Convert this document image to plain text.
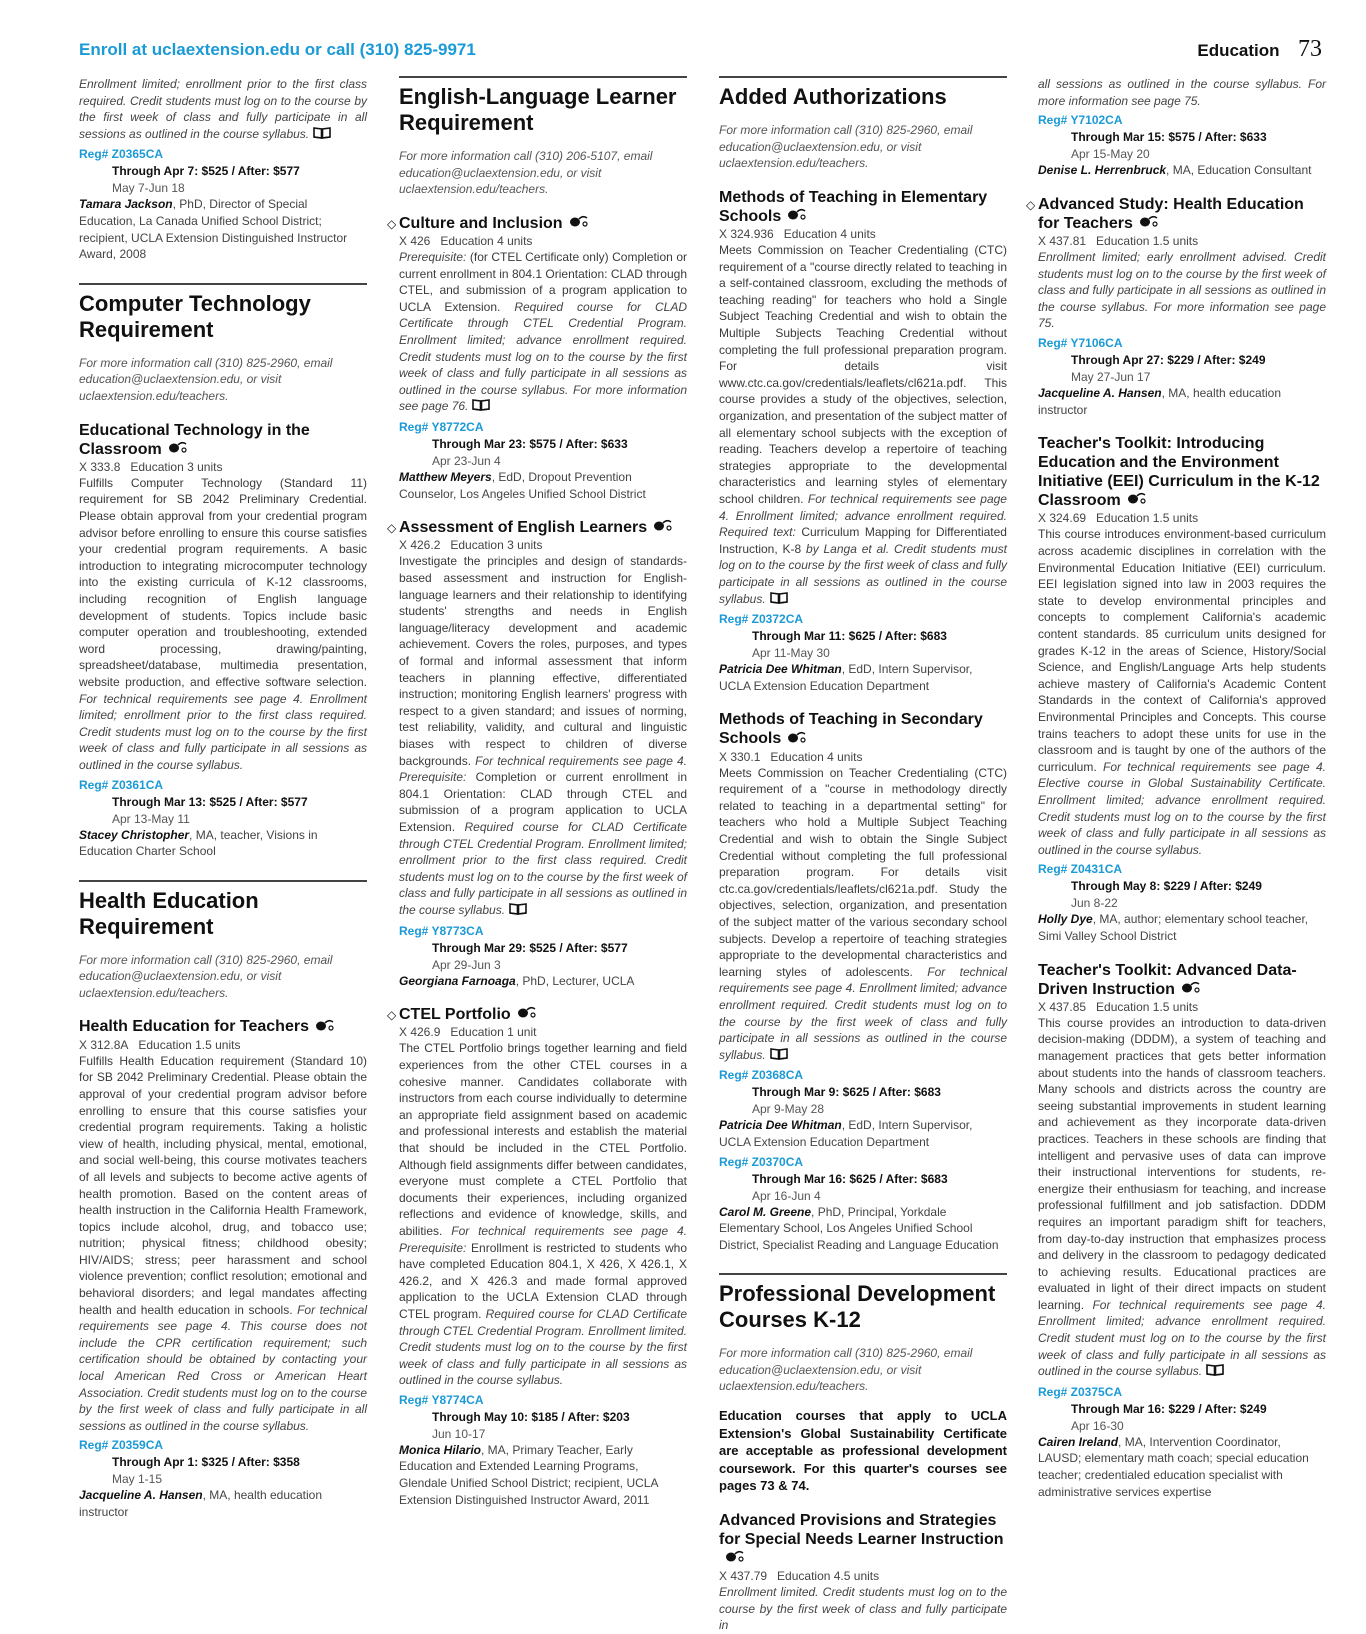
Enroll at uclaextension.edu or call (310) 825-9971	Education 73

Enrollment limited; enrollment prior to the first class required. Credit students must log on to the course by the first week of class and fully participate in all sessions as outlined in the course syllabus.

Reg# Z0365CA
Through Apr 7: $525 / After: $577
May 7-Jun 18

Tamara Jackson, PhD, Director of Special Education, La Canada Unified School District; recipient, UCLA Extension Distinguished Instructor Award, 2008

Computer Technology Requirement

For more information call (310) 825-2960, email education@uclaextension.edu, or visit uclaextension.edu/teachers.

Educational Technology in the Classroom
X 333.8 Education 3 units

Fulfills Computer Technology (Standard 11) requirement for SB 2042 Preliminary Credential. Please obtain approval from your credential program advisor before enrolling to ensure this course satisfies your credential program requirements. A basic introduction to integrating microcomputer technology into the existing curricula of K-12 classrooms, including recognition of English language development of students. Topics include basic computer operation and troubleshooting, extended word processing, drawing/painting, spreadsheet/database, multimedia presentation, website production, and effective software selection. For technical requirements see page 4. Enrollment limited; enrollment prior to the first class required. Credit students must log on to the course by the first week of class and fully participate in all sessions as outlined in the course syllabus.

Reg# Z0361CA
Through Mar 13: $525 / After: $577
Apr 13-May 11

Stacey Christopher, MA, teacher, Visions in Education Charter School

Health Education Requirement

For more information call (310) 825-2960, email education@uclaextension.edu, or visit uclaextension.edu/teachers.

Health Education for Teachers
X 312.8A Education 1.5 units

Fulfills Health Education requirement (Standard 10) for SB 2042 Preliminary Credential. Please obtain the approval of your credential program advisor before enrolling to ensure that this course satisfies your credential program requirements. Taking a holistic view of health, including physical, mental, emotional, and social well-being, this course motivates teachers of all levels and subjects to become active agents of health promotion. Based on the content areas of health instruction in the California Health Framework, topics include alcohol, drug, and tobacco use; nutrition; physical fitness; childhood obesity; HIV/AIDS; stress; peer harassment and school violence prevention; conflict resolution; emotional and behavioral disorders; and legal mandates affecting health and health education in schools. For technical requirements see page 4. This course does not include the CPR certification requirement; such certification should be obtained by contacting your local American Red Cross or American Heart Association. Credit students must log on to the course by the first week of class and fully participate in all sessions as outlined in the course syllabus.

Reg# Z0359CA
Through Apr 1: $325 / After: $358
May 1-15

Jacqueline A. Hansen, MA, health education instructor

English-Language Learner Requirement

For more information call (310) 206-5107, email education@uclaextension.edu, or visit uclaextension.edu/teachers.

◇ Culture and Inclusion
X 426 Education 4 units

Prerequisite: (for CTEL Certificate only) Completion or current enrollment in 804.1 Orientation: CLAD through CTEL, and submission of a program application to UCLA Extension. Required course for CLAD Certificate through CTEL Credential Program. Enrollment limited; advance enrollment required. Credit students must log on to the course by the first week of class and fully participate in all sessions as outlined in the course syllabus. For more information see page 76.

Reg# Y8772CA
Through Mar 23: $575 / After: $633
Apr 23-Jun 4

Matthew Meyers, EdD, Dropout Prevention Counselor, Los Angeles Unified School District

◇ Assessment of English Learners
X 426.2 Education 3 units

Investigate the principles and design of standards-based assessment and instruction for English-language learners and their relationship to identifying students' strengths and needs in English language/literacy development and academic achievement. Covers the roles, purposes, and types of formal and informal assessment that inform teachers in planning effective, differentiated instruction; monitoring English learners' progress with respect to a given standard; and issues of norming, test reliability, validity, and cultural and linguistic biases with respect to children of diverse backgrounds. For technical requirements see page 4. Prerequisite: Completion or current enrollment in 804.1 Orientation: CLAD through CTEL and submission of a program application to UCLA Extension. Required course for CLAD Certificate through CTEL Credential Program. Enrollment limited; enrollment prior to the first class required. Credit students must log on to the course by the first week of class and fully participate in all sessions as outlined in the course syllabus.

Reg# Y8773CA
Through Mar 29: $525 / After: $577
Apr 29-Jun 3

Georgiana Farnoaga, PhD, Lecturer, UCLA

◇ CTEL Portfolio
X 426.9 Education 1 unit

The CTEL Portfolio brings together learning and field experiences from the other CTEL courses in a cohesive manner. Candidates collaborate with instructors from each course individually to determine an appropriate field assignment based on academic and professional interests and establish the material that should be included in the CTEL Portfolio. Although field assignments differ between candidates, everyone must complete a CTEL Portfolio that documents their experiences, including organized reflections and evidence of knowledge, skills, and abilities. For technical requirements see page 4. Prerequisite: Enrollment is restricted to students who have completed Education 804.1, X 426, X 426.1, X 426.2, and X 426.3 and made formal approved application to the UCLA Extension CLAD through CTEL program. Required course for CLAD Certificate through CTEL Credential Program. Enrollment limited. Credit students must log on to the course by the first week of class and fully participate in all sessions as outlined in the course syllabus.

Reg# Y8774CA
Through May 10: $185 / After: $203
Jun 10-17

Monica Hilario, MA, Primary Teacher, Early Education and Extended Learning Programs, Glendale Unified School District; recipient, UCLA Extension Distinguished Instructor Award, 2011

Added Authorizations

For more information call (310) 825-2960, email education@uclaextension.edu, or visit uclaextension.edu/teachers.

Methods of Teaching in Elementary Schools
X 324.936 Education 4 units

Meets Commission on Teacher Credentialing (CTC) requirement of a "course directly related to teaching in a self-contained classroom, excluding the methods of teaching reading" for teachers who hold a Single Subject Teaching Credential and wish to obtain the Multiple Subjects Teaching Credential without completing the full professional preparation program. For details visit www.ctc.ca.gov/credentials/leaflets/cl621a.pdf. This course provides a study of the objectives, selection, organization, and presentation of the subject matter of all elementary school subjects with the exception of reading. Teachers develop a repertoire of teaching strategies appropriate to the developmental characteristics and learning styles of elementary school children. For technical requirements see page 4. Enrollment limited; advance enrollment required. Required text: Curriculum Mapping for Differentiated Instruction, K-8 by Langa et al. Credit students must log on to the course by the first week of class and fully participate in all sessions as outlined in the course syllabus.

Reg# Z0372CA
Through Mar 11: $625 / After: $683
Apr 11-May 30

Patricia Dee Whitman, EdD, Intern Supervisor, UCLA Extension Education Department

Methods of Teaching in Secondary Schools
X 330.1 Education 4 units

Meets Commission on Teacher Credentialing (CTC) requirement of a "course in methodology directly related to teaching in a departmental setting" for teachers who hold a Multiple Subject Teaching Credential and wish to obtain the Single Subject Credential without completing the full professional preparation program. For details visit ctc.ca.gov/credentials/leaflets/cl621a.pdf. Study the objectives, selection, organization, and presentation of the subject matter of the various secondary school subjects. Develop a repertoire of teaching strategies appropriate to the developmental characteristics and learning styles of adolescents. For technical requirements see page 4. Enrollment limited; advance enrollment required. Credit students must log on to the course by the first week of class and fully participate in all sessions as outlined in the course syllabus.

Reg# Z0368CA
Through Mar 9: $625 / After: $683
Apr 9-May 28

Patricia Dee Whitman, EdD, Intern Supervisor, UCLA Extension Education Department

Reg# Z0370CA
Through Mar 16: $625 / After: $683
Apr 16-Jun 4

Carol M. Greene, PhD, Principal, Yorkdale Elementary School, Los Angeles Unified School District, Specialist Reading and Language Education

Professional Development Courses K-12

For more information call (310) 825-2960, email education@uclaextension.edu, or visit uclaextension.edu/teachers.

Education courses that apply to UCLA Extension's Global Sustainability Certificate are acceptable as professional development coursework. For this quarter's courses see pages 73 & 74.

Advanced Provisions and Strategies for Special Needs Learner Instruction
X 437.79 Education 4.5 units

Enrollment limited. Credit students must log on to the course by the first week of class and fully participate in

all sessions as outlined in the course syllabus. For more information see page 75.

Reg# Y7102CA
Through Mar 15: $575 / After: $633
Apr 15-May 20

Denise L. Herrenbruck, MA, Education Consultant

◇ Advanced Study: Health Education for Teachers
X 437.81 Education 1.5 units

Enrollment limited; early enrollment advised. Credit students must log on to the course by the first week of class and fully participate in all sessions as outlined in the course syllabus. For more information see page 75.

Reg# Y7106CA
Through Apr 27: $229 / After: $249
May 27-Jun 17

Jacqueline A. Hansen, MA, health education instructor

Teacher's Toolkit: Introducing Education and the Environment Initiative (EEI) Curriculum in the K-12 Classroom
X 324.69 Education 1.5 units

This course introduces environment-based curriculum across academic disciplines in correlation with the Environmental Education Initiative (EEI) curriculum. EEI legislation signed into law in 2003 requires the state to develop environmental principles and concepts to complement California's academic content standards. 85 curriculum units designed for grades K-12 in the areas of Science, History/Social Science, and English/Language Arts help students achieve mastery of California's Academic Content Standards in the context of California's approved Environmental Principles and Concepts. This course trains teachers to adopt these units for use in the classroom and is taught by one of the authors of the curriculum. For technical requirements see page 4. Elective course in Global Sustainability Certificate. Enrollment limited; advance enrollment required. Credit students must log on to the course by the first week of class and fully participate in all sessions as outlined in the course syllabus.

Reg# Z0431CA
Through May 8: $229 / After: $249
Jun 8-22

Holly Dye, MA, author; elementary school teacher, Simi Valley School District

Teacher's Toolkit: Advanced Data-Driven Instruction
X 437.85 Education 1.5 units

This course provides an introduction to data-driven decision-making (DDDM), a system of teaching and management practices that gets better information about students into the hands of classroom teachers. Many schools and districts across the country are seeing substantial improvements in student learning and achievement as they incorporate data-driven practices. Teachers in these schools are finding that intelligent and pervasive uses of data can improve their instructional interventions for students, re-energize their enthusiasm for teaching, and increase professional fulfillment and job satisfaction. DDDM requires an important paradigm shift for teachers, from day-to-day instruction that emphasizes process and delivery in the classroom to pedagogy dedicated to achieving results. Educational practices are evaluated in light of their direct impacts on student learning. For technical requirements see page 4. Enrollment limited; advance enrollment required. Credit student must log on to the course by the first week of class and fully participate in all sessions as outlined in the course syllabus.

Reg# Z0375CA
Through Mar 16: $229 / After: $249
Apr 16-30

Cairen Ireland, MA, Intervention Coordinator, LAUSD; elementary math coach; special education teacher; credentialed education specialist with administrative services expertise
